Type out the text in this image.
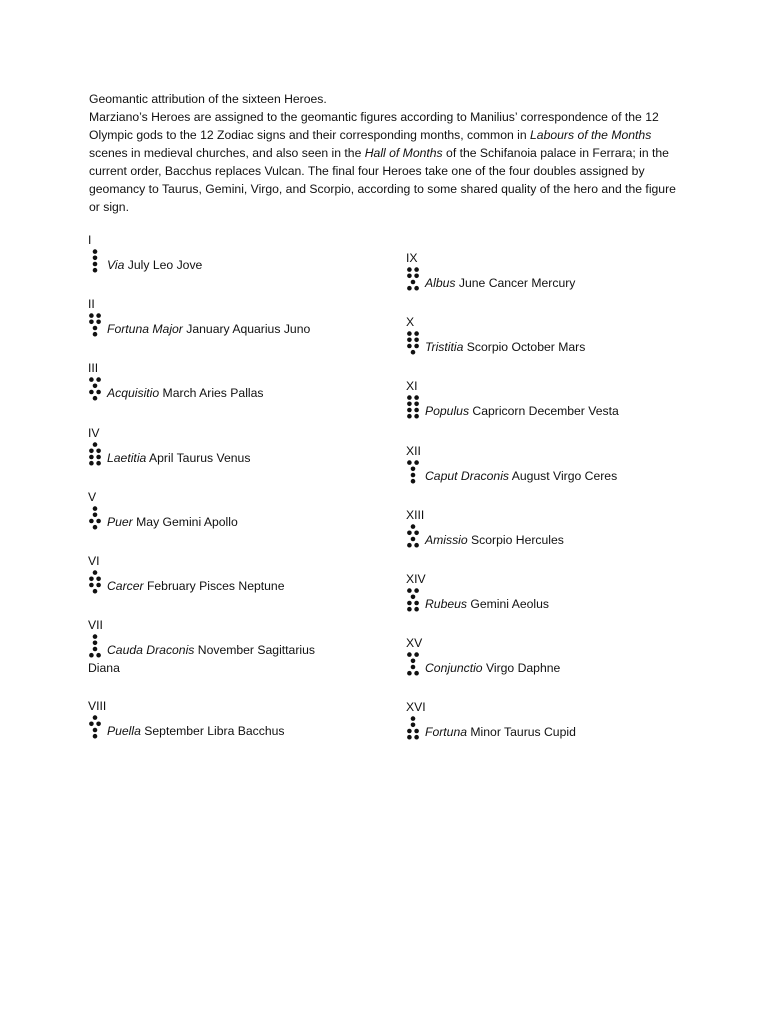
Geomantic attribution of the sixteen Heroes.

Marziano’s Heroes are assigned to the geomantic figures according to Manilius’ correspondence of the 12 Olympic gods to the 12 Zodiac signs and their corresponding months, common in Labours of the Months scenes in medieval churches, and also seen in the Hall of Months of the Schifanoia palace in Ferrara; in the current order, Bacchus replaces Vulcan. The final four Heroes take one of the four doubles assigned by geomancy to Taurus, Gemini, Virgo, and Scorpio, according to some shared quality of the hero and the figure or sign.

I
Via July Leo Jove
II
Fortuna Major January Aquarius Juno
III
Acquisitio March Aries Pallas
IV
Laetitia April Taurus Venus
V
Puer May Gemini Apollo
VI
Carcer February Pisces Neptune
VII
Cauda Draconis November Sagittarius
Diana
VIII
Puella September Libra Bacchus
IX
Albus June Cancer Mercury
X
Tristitia Scorpio October Mars
XI
Populus Capricorn December Vesta
XII
Caput Draconis August Virgo Ceres
XIII
Amissio Scorpio Hercules
XIV
Rubeus Gemini Aeolus
XV
Conjunctio Virgo Daphne
XVI
Fortuna Minor Taurus Cupid
